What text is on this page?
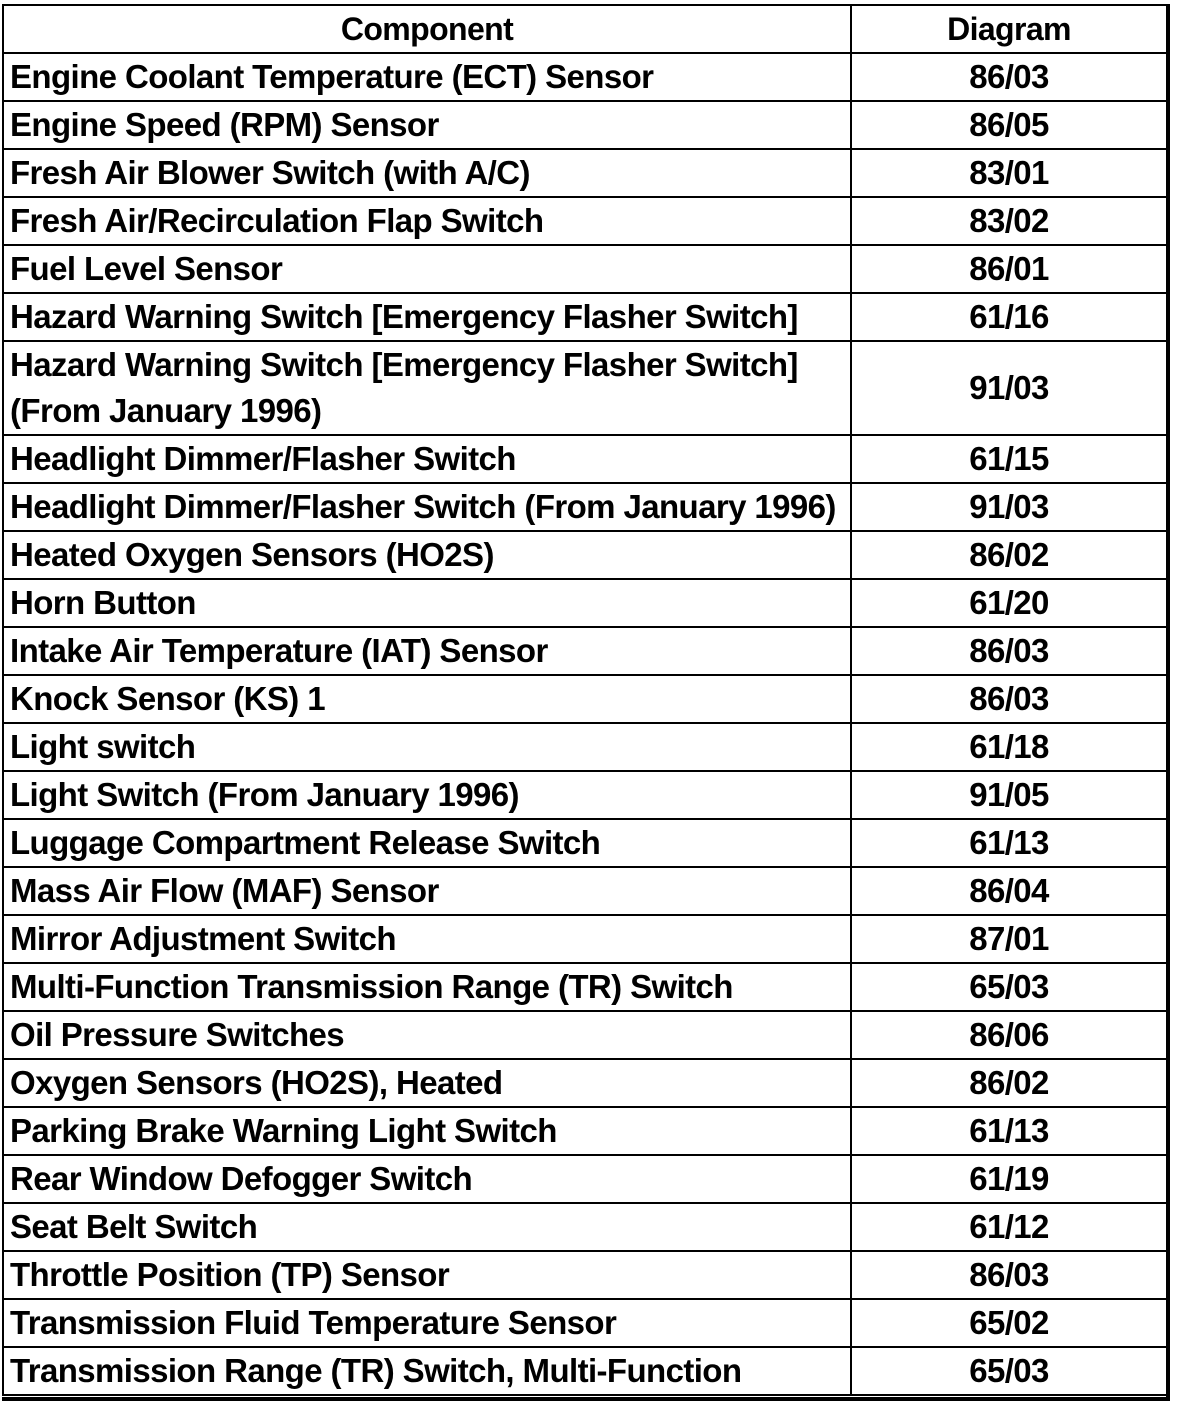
Component	Diagram
Engine Coolant Temperature (ECT) Sensor	86/03
Engine Speed (RPM) Sensor	86/05
Fresh Air Blower Switch (with A/C)	83/01
Fresh Air/Recirculation Flap Switch	83/02
Fuel Level Sensor	86/01
Hazard Warning Switch [Emergency Flasher Switch]	61/16
Hazard Warning Switch [Emergency Flasher Switch] (From January 1996)	91/03
Headlight Dimmer/Flasher Switch	61/15
Headlight Dimmer/Flasher Switch (From January 1996)	91/03
Heated Oxygen Sensors (HO2S)	86/02
Horn Button	61/20
Intake Air Temperature (IAT) Sensor	86/03
Knock Sensor (KS) 1	86/03
Light switch	61/18
Light Switch (From January 1996)	91/05
Luggage Compartment Release Switch	61/13
Mass Air Flow (MAF) Sensor	86/04
Mirror Adjustment Switch	87/01
Multi-Function Transmission Range (TR) Switch	65/03
Oil Pressure Switches	86/06
Oxygen Sensors (HO2S), Heated	86/02
Parking Brake Warning Light Switch	61/13
Rear Window Defogger Switch	61/19
Seat Belt Switch	61/12
Throttle Position (TP) Sensor	86/03
Transmission Fluid Temperature Sensor	65/02
Transmission Range (TR) Switch, Multi-Function	65/03
